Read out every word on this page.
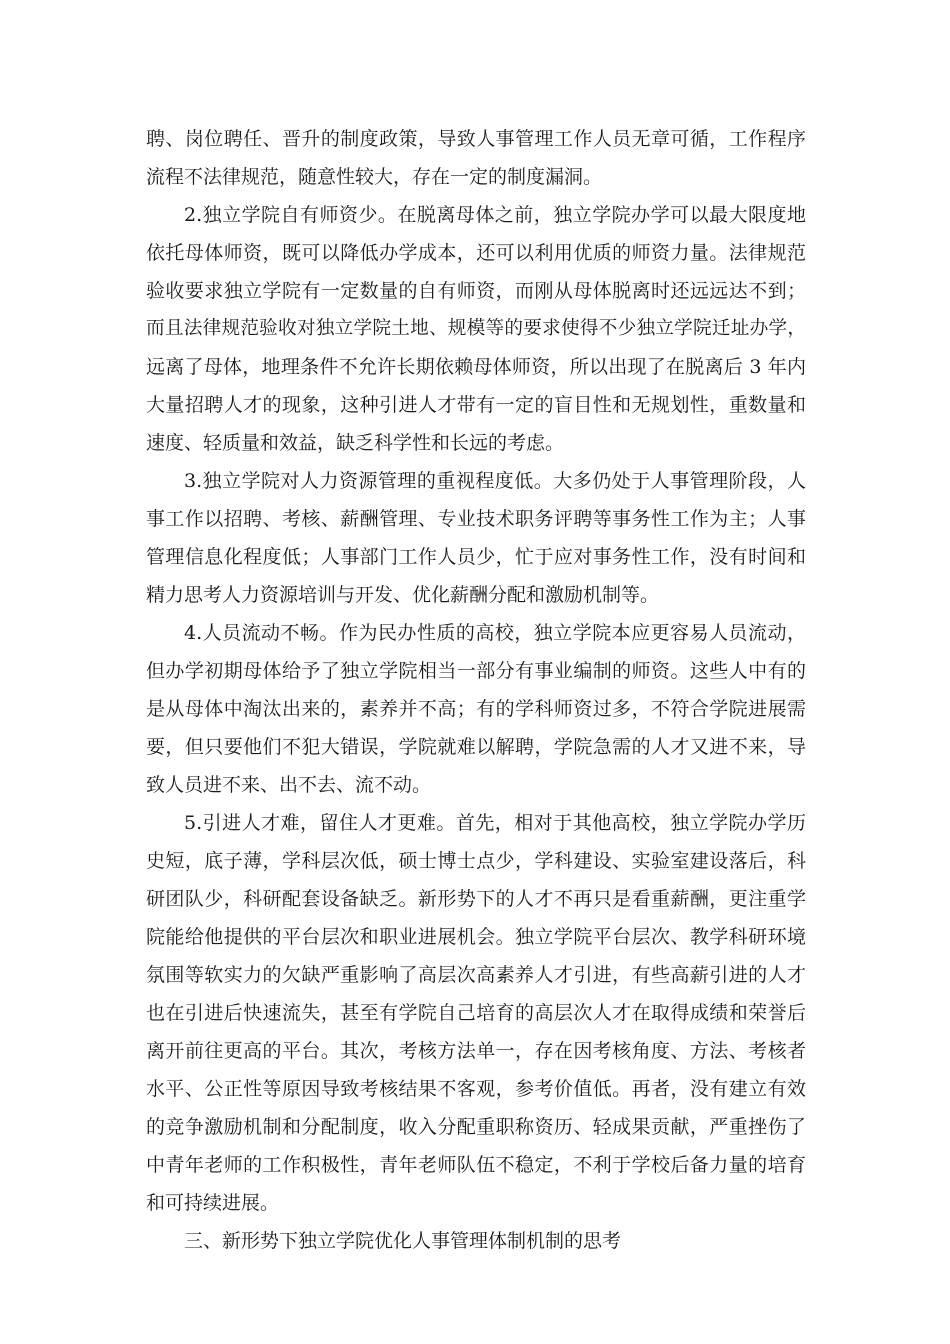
聘、岗位聘任、晋升的制度政策，导致人事管理工作人员无章可循，工作程序
流程不法律规范，随意性较大，存在一定的制度漏洞。
2.独立学院自有师资少。在脱离母体之前，独立学院办学可以最大限度地
依托母体师资，既可以降低办学成本，还可以利用优质的师资力量。法律规范
验收要求独立学院有一定数量的自有师资，而刚从母体脱离时还远远达不到；
而且法律规范验收对独立学院土地、规模等的要求使得不少独立学院迁址办学，
远离了母体，地理条件不允许长期依赖母体师资，所以出现了在脱离后 3 年内
大量招聘人才的现象，这种引进人才带有一定的盲目性和无规划性，重数量和
速度、轻质量和效益，缺乏科学性和长远的考虑。
3.独立学院对人力资源管理的重视程度低。大多仍处于人事管理阶段，人
事工作以招聘、考核、薪酬管理、专业技术职务评聘等事务性工作为主；人事
管理信息化程度低；人事部门工作人员少，忙于应对事务性工作，没有时间和
精力思考人力资源培训与开发、优化薪酬分配和激励机制等。
4.人员流动不畅。作为民办性质的高校，独立学院本应更容易人员流动，
但办学初期母体给予了独立学院相当一部分有事业编制的师资。这些人中有的
是从母体中淘汰出来的，素养并不高；有的学科师资过多，不符合学院进展需
要，但只要他们不犯大错误，学院就难以解聘，学院急需的人才又进不来，导
致人员进不来、出不去、流不动。
5.引进人才难，留住人才更难。首先，相对于其他高校，独立学院办学历
史短，底子薄，学科层次低，硕士博士点少，学科建设、实验室建设落后，科
研团队少，科研配套设备缺乏。新形势下的人才不再只是看重薪酬，更注重学
院能给他提供的平台层次和职业进展机会。独立学院平台层次、教学科研环境
氛围等软实力的欠缺严重影响了高层次高素养人才引进，有些高薪引进的人才
也在引进后快速流失，甚至有学院自己培育的高层次人才在取得成绩和荣誉后
离开前往更高的平台。其次，考核方法单一，存在因考核角度、方法、考核者
水平、公正性等原因导致考核结果不客观，参考价值低。再者，没有建立有效
的竞争激励机制和分配制度，收入分配重职称资历、轻成果贡献，严重挫伤了
中青年老师的工作积极性，青年老师队伍不稳定，不利于学校后备力量的培育
和可持续进展。
三、新形势下独立学院优化人事管理体制机制的思考
